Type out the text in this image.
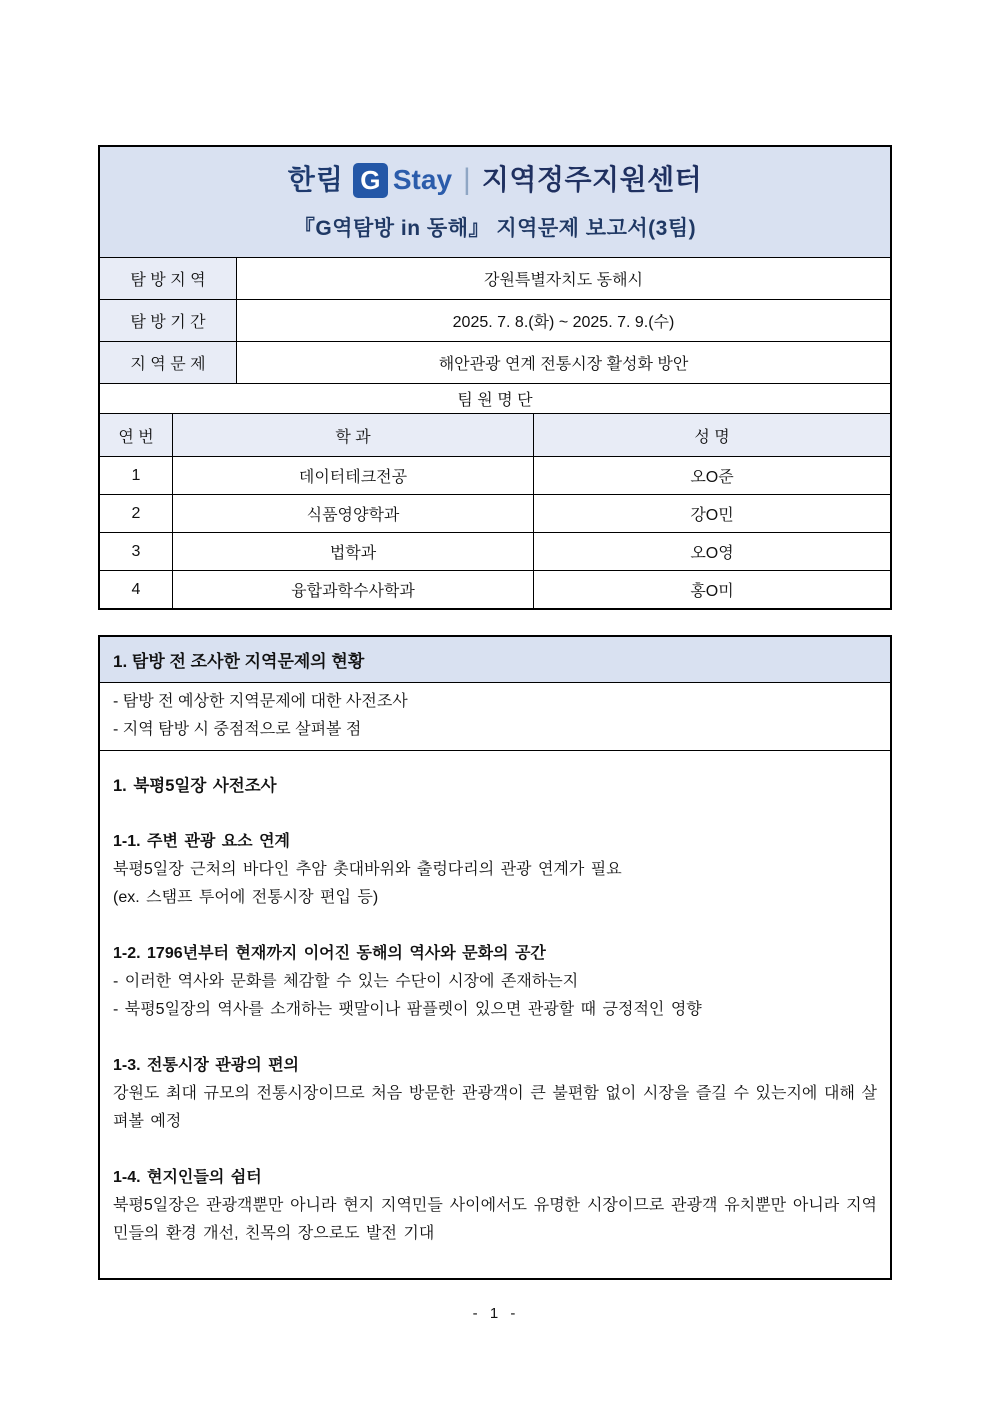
한림 G Stay | 지역정주지원센터
『G역탐방 in 동해』 지역문제 보고서(3팀)
탐 방 지 역	강원특별자치도 동해시
탐 방 기 간	2025. 7. 8.(화) ~ 2025. 7. 9.(수)
지 역 문 제	해안관광 연계 전통시장 활성화 방안
팀 원 명 단
연 번	학 과	성 명
1	데이터테크전공	오O준
2	식품영양학과	강O민
3	법학과	오O영
4	융합과학수사학과	홍O미
1. 탐방 전 조사한 지역문제의 현황
- 탐방 전 예상한 지역문제에 대한 사전조사
- 지역 탐방 시 중점적으로 살펴볼 점
1. 북평5일장 사전조사
1-1. 주변 관광 요소 연계
북평5일장 근처의 바다인 추암 촛대바위와 출렁다리의 관광 연계가 필요
(ex. 스탬프 투어에 전통시장 편입 등)
1-2. 1796년부터 현재까지 이어진 동해의 역사와 문화의 공간
- 이러한 역사와 문화를 체감할 수 있는 수단이 시장에 존재하는지
- 북평5일장의 역사를 소개하는 팻말이나 팜플렛이 있으면 관광할 때 긍정적인 영향
1-3. 전통시장 관광의 편의
강원도 최대 규모의 전통시장이므로 처음 방문한 관광객이 큰 불편함 없이 시장을 즐길 수 있는지에 대해 살펴볼 예정
1-4. 현지인들의 쉼터
북평5일장은 관광객뿐만 아니라 현지 지역민들 사이에서도 유명한 시장이므로 관광객 유치뿐만 아니라 지역민들의 환경 개선, 친목의 장으로도 발전 기대
- 1 -
